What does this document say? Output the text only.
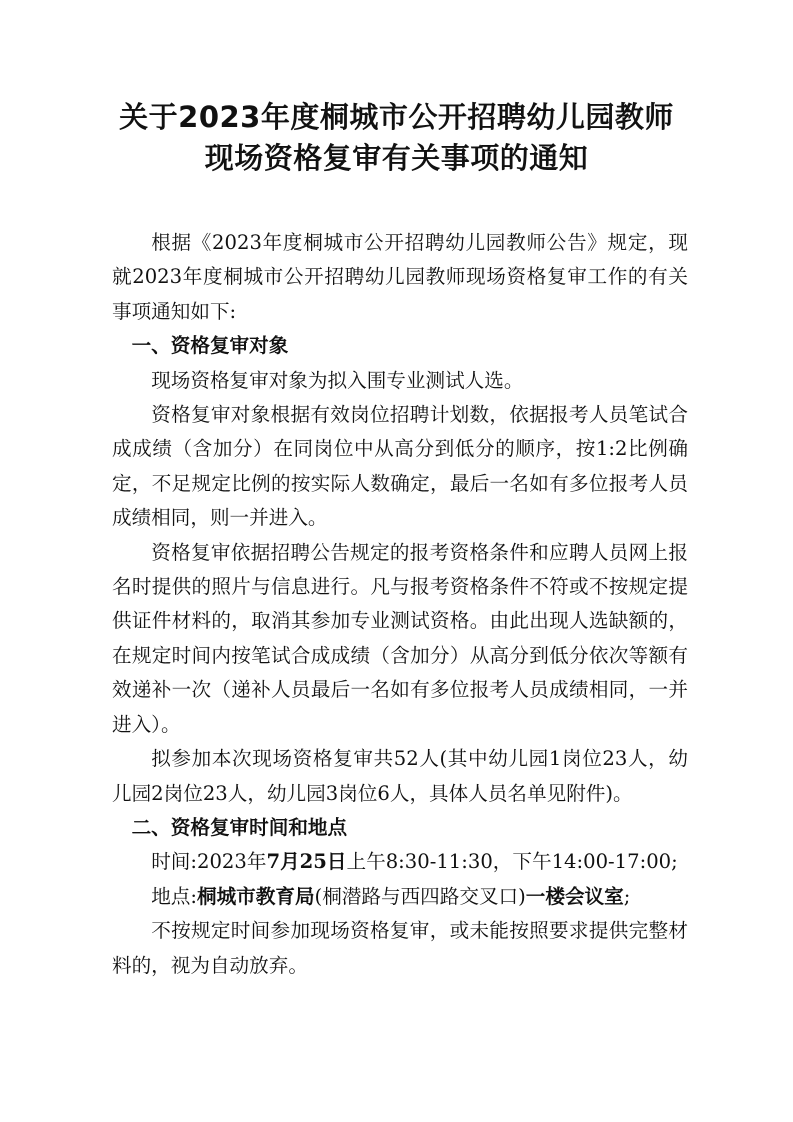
关于2023年度桐城市公开招聘幼儿园教师
现场资格复审有关事项的通知

根据《2023年度桐城市公开招聘幼儿园教师公告》规定，现就2023年度桐城市公开招聘幼儿园教师现场资格复审工作的有关事项通知如下:

一、资格复审对象

现场资格复审对象为拟入围专业测试人选。

资格复审对象根据有效岗位招聘计划数，依据报考人员笔试合成成绩（含加分）在同岗位中从高分到低分的顺序，按1:2比例确定，不足规定比例的按实际人数确定，最后一名如有多位报考人员成绩相同，则一并进入。

资格复审依据招聘公告规定的报考资格条件和应聘人员网上报名时提供的照片与信息进行。凡与报考资格条件不符或不按规定提供证件材料的，取消其参加专业测试资格。由此出现人选缺额的，在规定时间内按笔试合成成绩（含加分）从高分到低分依次等额有效递补一次（递补人员最后一名如有多位报考人员成绩相同，一并进入）。

拟参加本次现场资格复审共52人(其中幼儿园1岗位23人，幼儿园2岗位23人，幼儿园3岗位6人，具体人员名单见附件)。

二、资格复审时间和地点

时间:2023年7月25日上午8:30-11:30，下午14:00-17:00;

地点:桐城市教育局(桐潜路与西四路交叉口)一楼会议室;

不按规定时间参加现场资格复审，或未能按照要求提供完整材料的，视为自动放弃。
